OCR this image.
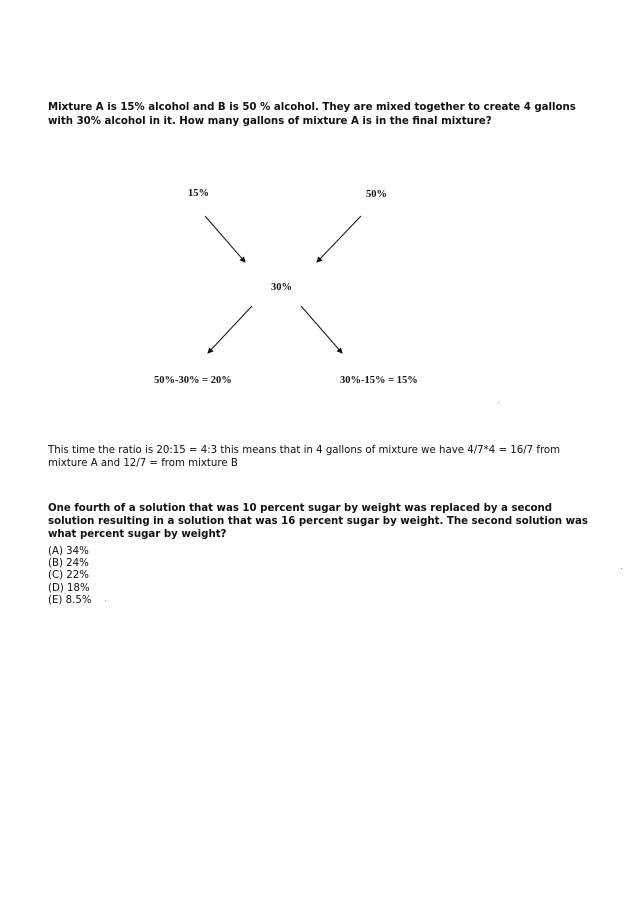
Mixture A is 15% alcohol and B is 50 % alcohol. They are mixed together to create 4 gallons with 30% alcohol in it. How many gallons of mixture A is in the final mixture?
15%	50%
30%
50%-30% = 20%	30%-15% = 15%
This time the ratio is 20:15 = 4:3 this means that in 4 gallons of mixture we have 4/7*4 = 16/7 from mixture A and 12/7 = from mixture B
One fourth of a solution that was 10 percent sugar by weight was replaced by a second solution resulting in a solution that was 16 percent sugar by weight. The second solution was what percent sugar by weight?
(A) 34%
(B) 24%
(C) 22%
(D) 18%
(E) 8.5%
